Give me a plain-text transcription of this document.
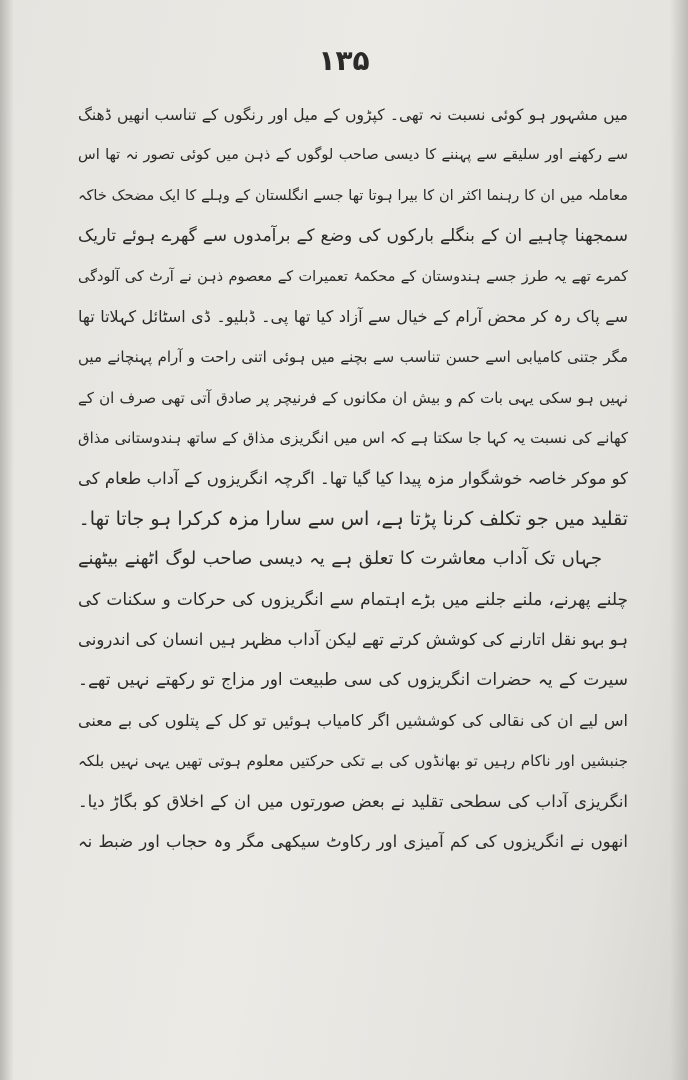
۱۳۵
میں مشہور ہو کوئی نسبت نہ تھی۔ کپڑوں کے میل اور رنگوں کے تناسب انھیں ڈھنگ
سے رکھنے اور سلیقے سے پہننے کا دیسی صاحب لوگوں کے ذہن میں کوئی تصور نہ تھا اس
معاملہ میں ان کا رہنما اکثر ان کا بیرا ہوتا تھا جسے انگلستان کے وہلے کا ایک مضحک خاکہ
سمجھنا چاہیے ان کے بنگلے بارکوں کی وضع کے برآمدوں سے گھرے ہوئے تاریک
کمرے تھے یہ طرز جسے ہندوستان کے محکمۂ تعمیرات کے معصوم ذہن نے آرٹ کی آلودگی
سے پاک رہ کر محض آرام کے خیال سے آزاد کیا تھا پی۔ ڈبلیو۔ ڈی اسٹائل کہلاتا تھا
مگر جتنی کامیابی اسے حسن تناسب سے بچنے میں ہوئی اتنی راحت و آرام پہنچانے میں
نہیں ہو سکی یہی بات کم و بیش ان مکانوں کے فرنیچر پر صادق آتی تھی صرف ان کے
کھانے کی نسبت یہ کہا جا سکتا ہے کہ اس میں انگریزی مذاق کے ساتھ ہندوستانی مذاق
کو موکر خاصہ خوشگوار مزہ پیدا کیا گیا تھا۔ اگرچہ انگریزوں کے آداب طعام کی
تقلید میں جو تکلف کرنا پڑتا ہے، اس سے سارا مزہ کرکرا ہو جاتا تھا۔
جہاں تک آداب معاشرت کا تعلق ہے یہ دیسی صاحب لوگ اٹھنے بیٹھنے
چلنے پھرنے، ملنے جلنے میں بڑے اہتمام سے انگریزوں کی حرکات و سکنات کی
ہو بہو نقل اتارنے کی کوشش کرتے تھے لیکن آداب مظہر ہیں انسان کی اندرونی
سیرت کے یہ حضرات انگریزوں کی سی طبیعت اور مزاج تو رکھتے نہیں تھے۔
اس لیے ان کی نقالی کی کوششیں اگر کامیاب ہوئیں تو کل کے پتلوں کی بے معنی
جنبشیں اور ناکام رہیں تو بھانڈوں کی بے تکی حرکتیں معلوم ہوتی تھیں یہی نہیں بلکہ
انگریزی آداب کی سطحی تقلید نے بعض صورتوں میں ان کے اخلاق کو بگاڑ دیا۔
انھوں نے انگریزوں کی کم آمیزی اور رکاوٹ سیکھی مگر وہ حجاب اور ضبط نہ
